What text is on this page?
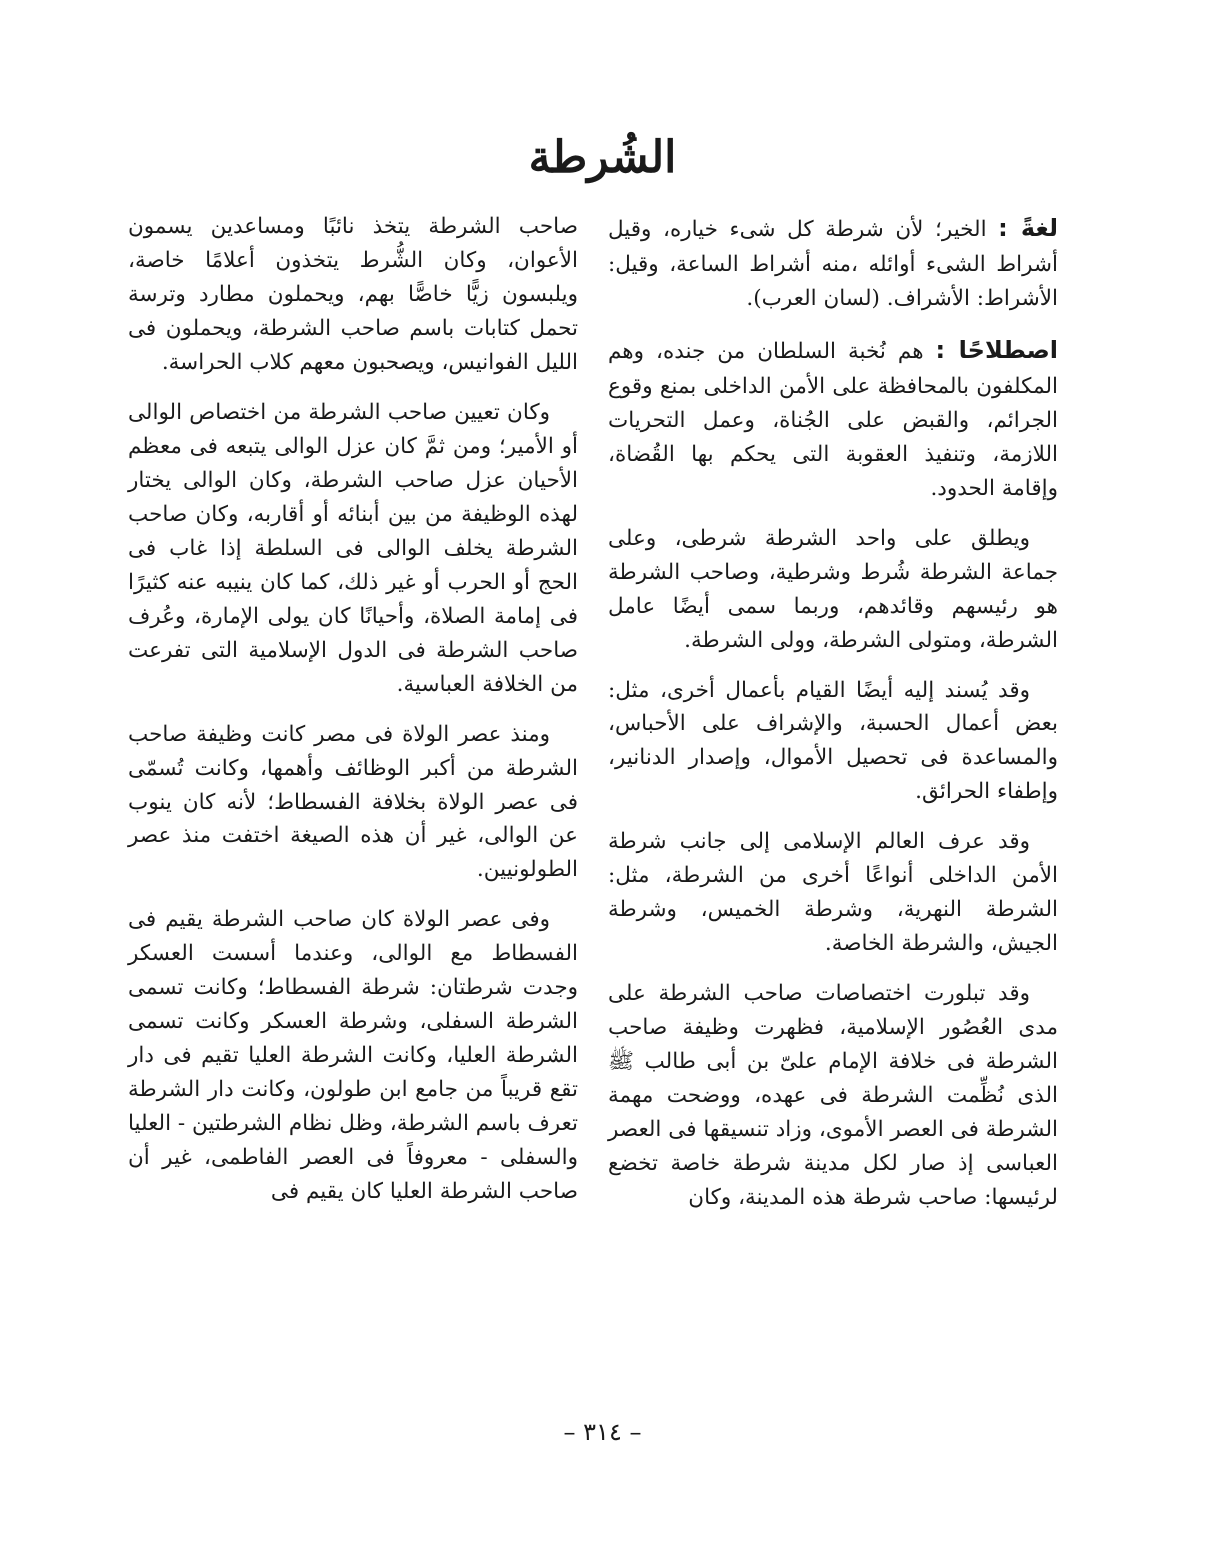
الشُرطة

لغةً : الخير؛ لأن شرطة كل شىء خياره، وقيل أشراط الشىء أوائله ،منه أشراط الساعة، وقيل: الأشراط: الأشراف. (لسان العرب).

اصطلاحًا : هم نُخبة السلطان من جنده، وهم المكلفون بالمحافظة على الأمن الداخلى بمنع وقوع الجرائم، والقبض على الجُناة، وعمل التحريات اللازمة، وتنفيذ العقوبة التى يحكم بها القُضاة، وإقامة الحدود.

ويطلق على واحد الشرطة شرطى، وعلى جماعة الشرطة شُرط وشرطية، وصاحب الشرطة هو رئيسهم وقائدهم، وربما سمى أيضًا عامل الشرطة، ومتولى الشرطة، وولى الشرطة.

وقد يُسند إليه أيضًا القيام بأعمال أخرى، مثل: بعض أعمال الحسبة، والإشراف على الأحباس، والمساعدة فى تحصيل الأموال، وإصدار الدنانير، وإطفاء الحرائق.

وقد عرف العالم الإسلامى إلى جانب شرطة الأمن الداخلى أنواعًا أخرى من الشرطة، مثل: الشرطة النهرية، وشرطة الخميس، وشرطة الجيش، والشرطة الخاصة.

وقد تبلورت اختصاصات صاحب الشرطة على مدى العُصُور الإسلامية، فظهرت وظيفة صاحب الشرطة فى خلافة الإمام علىّ بن أبى طالب ﷺ الذى نُظِّمت الشرطة فى عهده، ووضحت مهمة الشرطة فى العصر الأموى، وزاد تنسيقها فى العصر العباسى إذ صار لكل مدينة شرطة خاصة تخضع لرئيسها: صاحب شرطة هذه المدينة، وكان

صاحب الشرطة يتخذ نائبًا ومساعدين يسمون الأعوان، وكان الشُّرط يتخذون أعلامًا خاصة، ويلبسون زيًّا خاصًّا بهم، ويحملون مطارد وترسة تحمل كتابات باسم صاحب الشرطة، ويحملون فى الليل الفوانيس، ويصحبون معهم كلاب الحراسة.

وكان تعيين صاحب الشرطة من اختصاص الوالى أو الأمير؛ ومن ثمَّ كان عزل الوالى يتبعه فى معظم الأحيان عزل صاحب الشرطة، وكان الوالى يختار لهذه الوظيفة من بين أبنائه أو أقاربه، وكان صاحب الشرطة يخلف الوالى فى السلطة إذا غاب فى الحج أو الحرب أو غير ذلك، كما كان ينيبه عنه كثيرًا فى إمامة الصلاة، وأحيانًا كان يولى الإمارة، وعُرف صاحب الشرطة فى الدول الإسلامية التى تفرعت من الخلافة العباسية.

ومنذ عصر الولاة فى مصر كانت وظيفة صاحب الشرطة من أكبر الوظائف وأهمها، وكانت تُسمّى فى عصر الولاة بخلافة الفسطاط؛ لأنه كان ينوب عن الوالى، غير أن هذه الصيغة اختفت منذ عصر الطولونيين.

وفى عصر الولاة كان صاحب الشرطة يقيم فى الفسطاط مع الوالى، وعندما أسست العسكر وجدت شرطتان: شرطة الفسطاط؛ وكانت تسمى الشرطة السفلى، وشرطة العسكر وكانت تسمى الشرطة العليا، وكانت الشرطة العليا تقيم فى دار تقع قريباً من جامع ابن طولون، وكانت دار الشرطة تعرف باسم الشرطة، وظل نظام الشرطتين - العليا والسفلى - معروفاً فى العصر الفاطمى، غير أن صاحب الشرطة العليا كان يقيم فى

– ٣١٤ –
